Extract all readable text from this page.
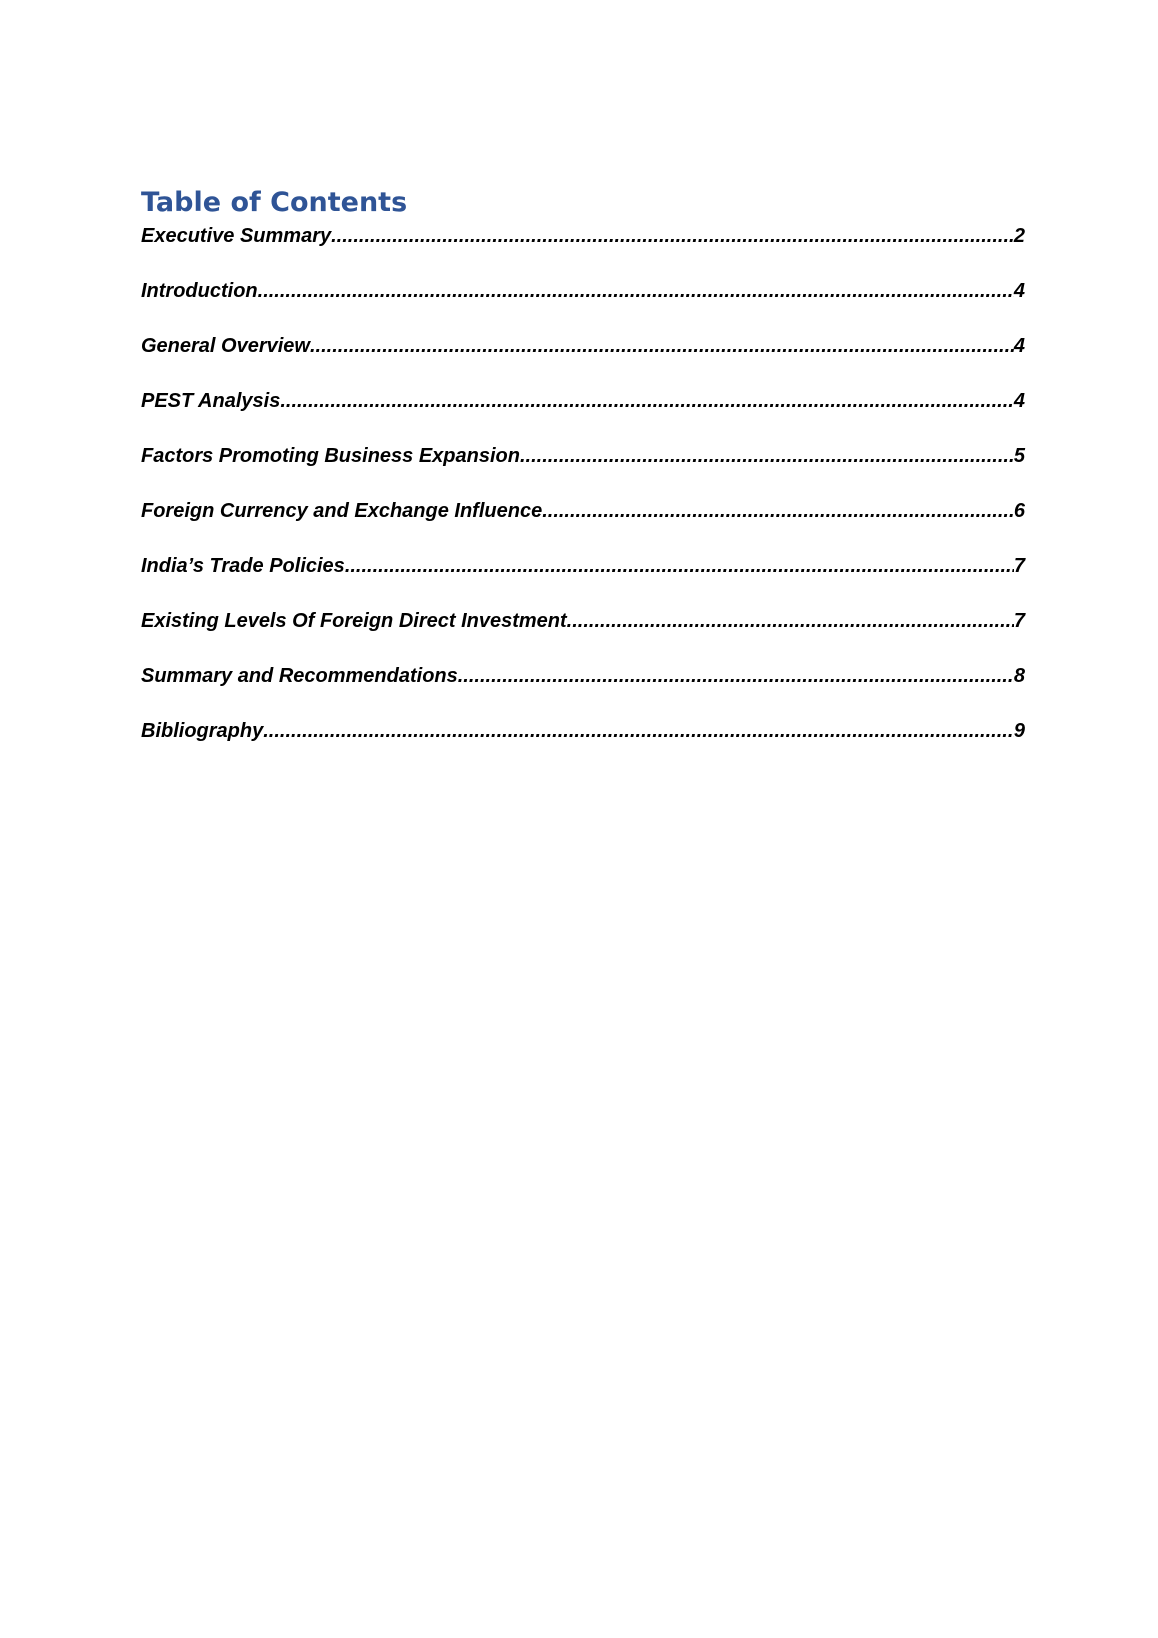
Table of Contents
Executive Summary .....	2
Introduction .....	4
General Overview .....	4
PEST Analysis .....	4
Factors Promoting Business Expansion .....	5
Foreign Currency and Exchange Influence .....	6
India’s Trade Policies .....	7
Existing Levels Of Foreign Direct Investment .....	7
Summary and Recommendations .....	8
Bibliography .....	9
